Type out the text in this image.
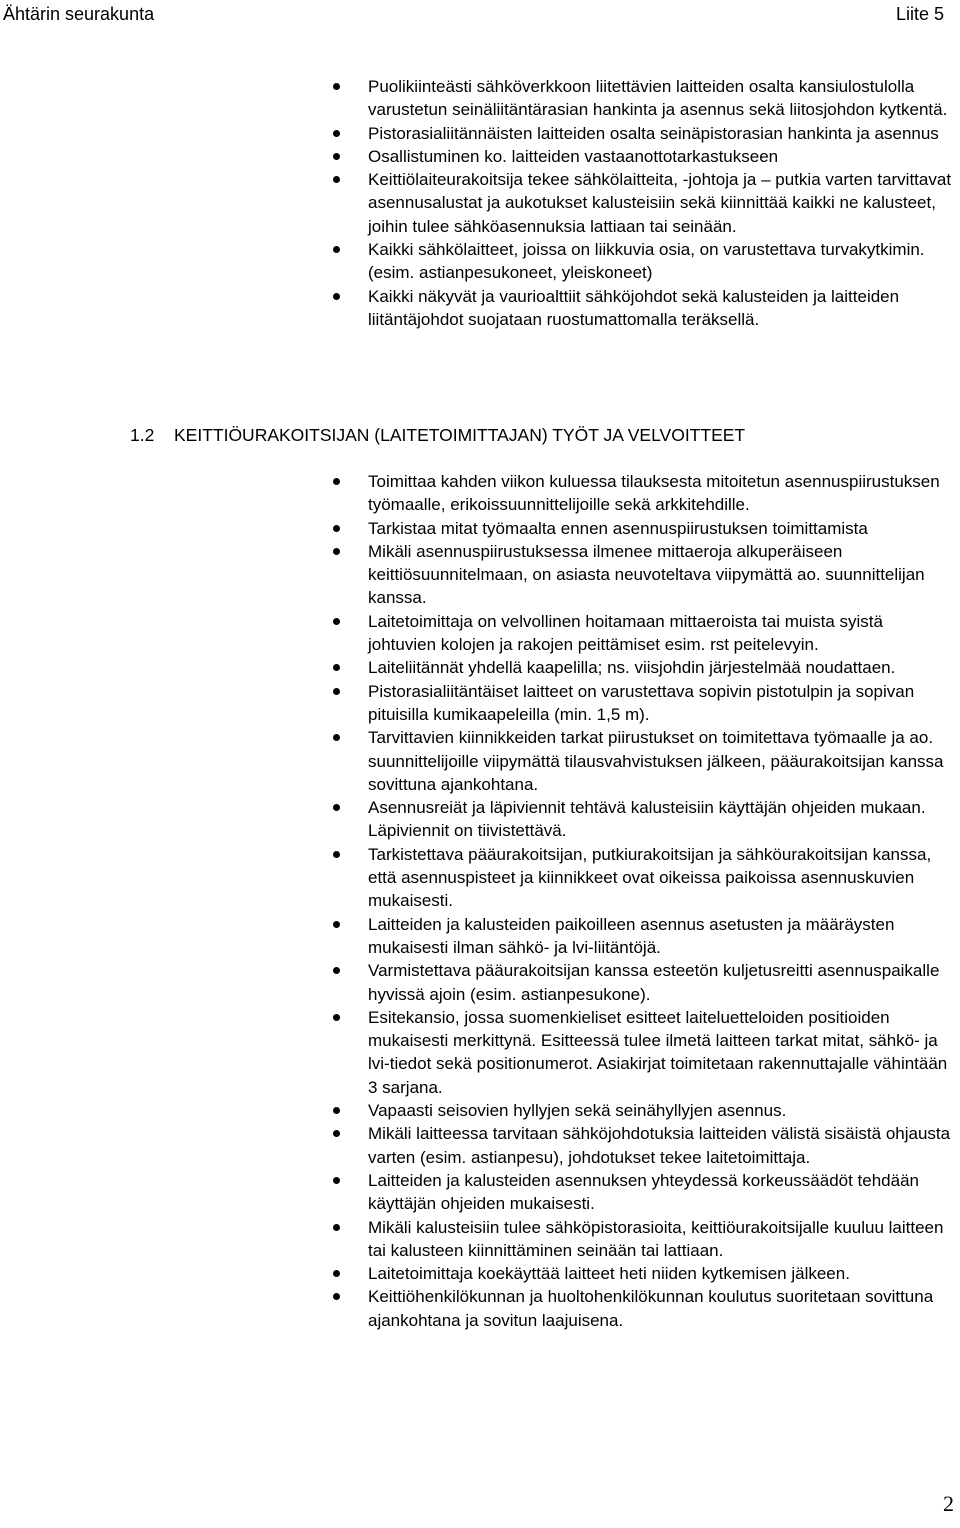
Ähtärin seurakunta	Liite 5
Puolikiinteästi sähköverkkoon liitettävien laitteiden osalta kansiulostulolla varustetun seinäliitäntärasian hankinta ja asennus sekä liitosjohdon kytkentä.
Pistorasialiitännäisten laitteiden osalta seinäpistorasian hankinta ja asennus
Osallistuminen ko. laitteiden vastaanottotarkastukseen
Keittiölaiteurakoitsija tekee sähkölaitteita, -johtoja ja – putkia varten tarvittavat asennusalustat ja aukotukset kalusteisiin sekä kiinnittää kaikki ne kalusteet, joihin tulee sähköasennuksia lattiaan tai seinään.
Kaikki sähkölaitteet, joissa on liikkuvia osia, on varustettava turvakytkimin. (esim. astianpesukoneet, yleiskoneet)
Kaikki näkyvät ja vaurioalttiit sähköjohdot sekä kalusteiden ja laitteiden liitäntäjohdot suojataan ruostumattomalla teräksellä.
1.2 KEITTIÖURAKOITSIJAN (LAITETOIMITTAJAN) TYÖT JA VELVOITTEET
Toimittaa kahden viikon kuluessa tilauksesta mitoitetun asennuspiirustuksen työmaalle, erikoissuunnittelijoille sekä arkkitehdille.
Tarkistaa mitat työmaalta ennen asennuspiirustuksen toimittamista
Mikäli asennuspiirustuksessa ilmenee mittaeroja alkuperäiseen keittiösuunnitelmaan, on asiasta neuvoteltava viipymättä ao. suunnittelijan kanssa.
Laitetoimittaja on velvollinen hoitamaan mittaeroista tai muista syistä johtuvien kolojen ja rakojen peittämiset esim. rst peitelevyin.
Laiteliitännät yhdellä kaapelilla; ns. viisjohdin järjestelmää noudattaen.
Pistorasialiitäntäiset laitteet on varustettava sopivin pistotulpin ja sopivan pituisilla kumikaapeleilla (min. 1,5 m).
Tarvittavien kiinnikkeiden tarkat piirustukset on toimitettava työmaalle ja ao. suunnittelijoille viipymättä tilausvahvistuksen jälkeen, pääurakoitsijan kanssa sovittuna ajankohtana.
Asennusreiät ja läpiviennit tehtävä kalusteisiin käyttäjän ohjeiden mukaan. Läpiviennit on tiivistettävä.
Tarkistettava pääurakoitsijan, putkiurakoitsijan ja sähköurakoitsijan kanssa, että asennuspisteet ja kiinnikkeet ovat oikeissa paikoissa asennuskuvien mukaisesti.
Laitteiden ja kalusteiden paikoilleen asennus asetusten ja määräysten mukaisesti ilman sähkö- ja lvi-liitäntöjä.
Varmistettava pääurakoitsijan kanssa esteetön kuljetusreitti asennuspaikalle hyvissä ajoin (esim. astianpesukone).
Esitekansio, jossa suomenkieliset esitteet laiteluetteloiden positioiden mukaisesti merkittynä. Esitteessä tulee ilmetä laitteen tarkat mitat, sähkö- ja lvi-tiedot sekä positionumerot. Asiakirjat toimitetaan rakennuttajalle vähintään 3 sarjana.
Vapaasti seisovien hyllyjen sekä seinähyllyjen asennus.
Mikäli laitteessa tarvitaan sähköjohdotuksia laitteiden välistä sisäistä ohjausta varten (esim. astianpesu), johdotukset tekee laitetoimittaja.
Laitteiden ja kalusteiden asennuksen yhteydessä korkeussäädöt tehdään käyttäjän ohjeiden mukaisesti.
Mikäli kalusteisiin tulee sähköpistorasioita, keittiöurakoitsijalle kuuluu laitteen tai kalusteen kiinnittäminen seinään tai lattiaan.
Laitetoimittaja koekäyttää laitteet heti niiden kytkemisen jälkeen.
Keittiöhenkilökunnan ja huoltohenkilökunnan koulutus suoritetaan sovittuna ajankohtana ja sovitun laajuisena.
2
